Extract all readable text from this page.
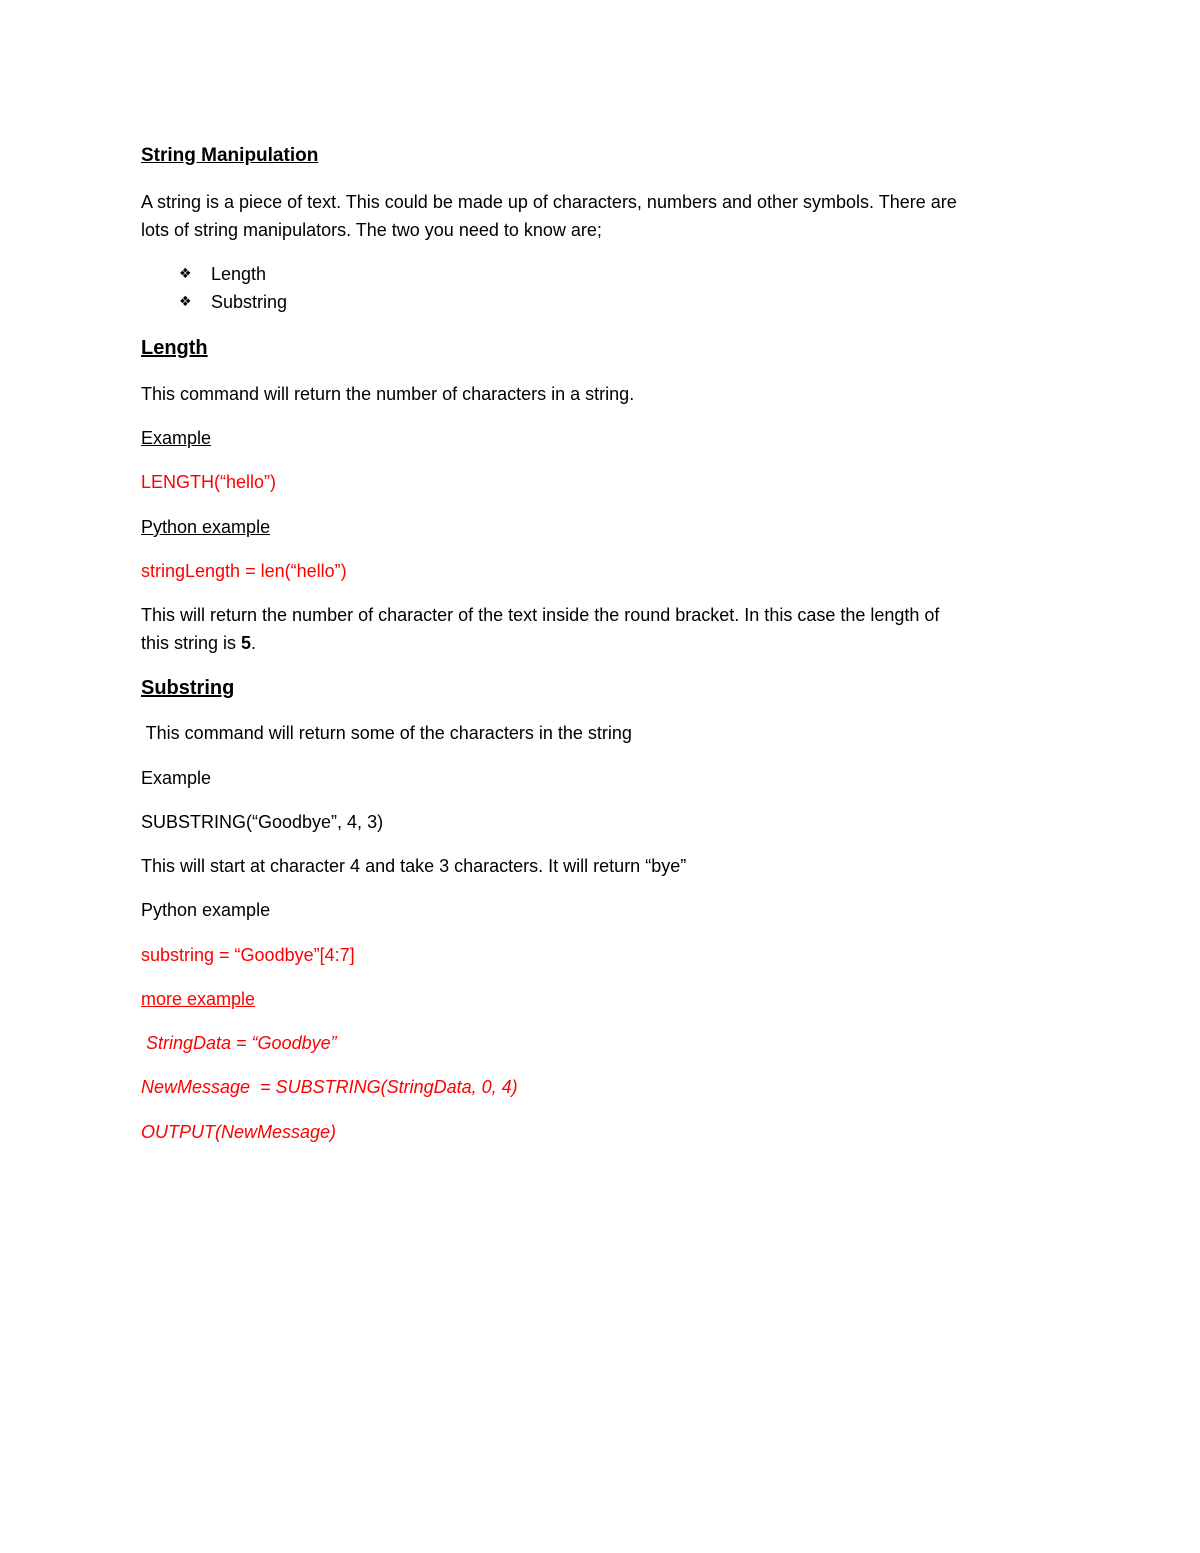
String Manipulation
A string is a piece of text. This could be made up of characters, numbers and other symbols. There are
lots of string manipulators. The two you need to know are;
❖ Length
❖ Substring
Length
This command will return the number of characters in a string.
Example
LENGTH(“hello”)
Python example
stringLength = len(“hello”)
This will return the number of character of the text inside the round bracket. In this case the length of
this string is 5.
Substring
This command will return some of the characters in the string
Example
SUBSTRING(“Goodbye”, 4, 3)
This will start at character 4 and take 3 characters. It will return “bye”
Python example
substring = “Goodbye”[4:7]
more example
StringData = “Goodbye”
NewMessage  = SUBSTRING(StringData, 0, 4)
OUTPUT(NewMessage)
